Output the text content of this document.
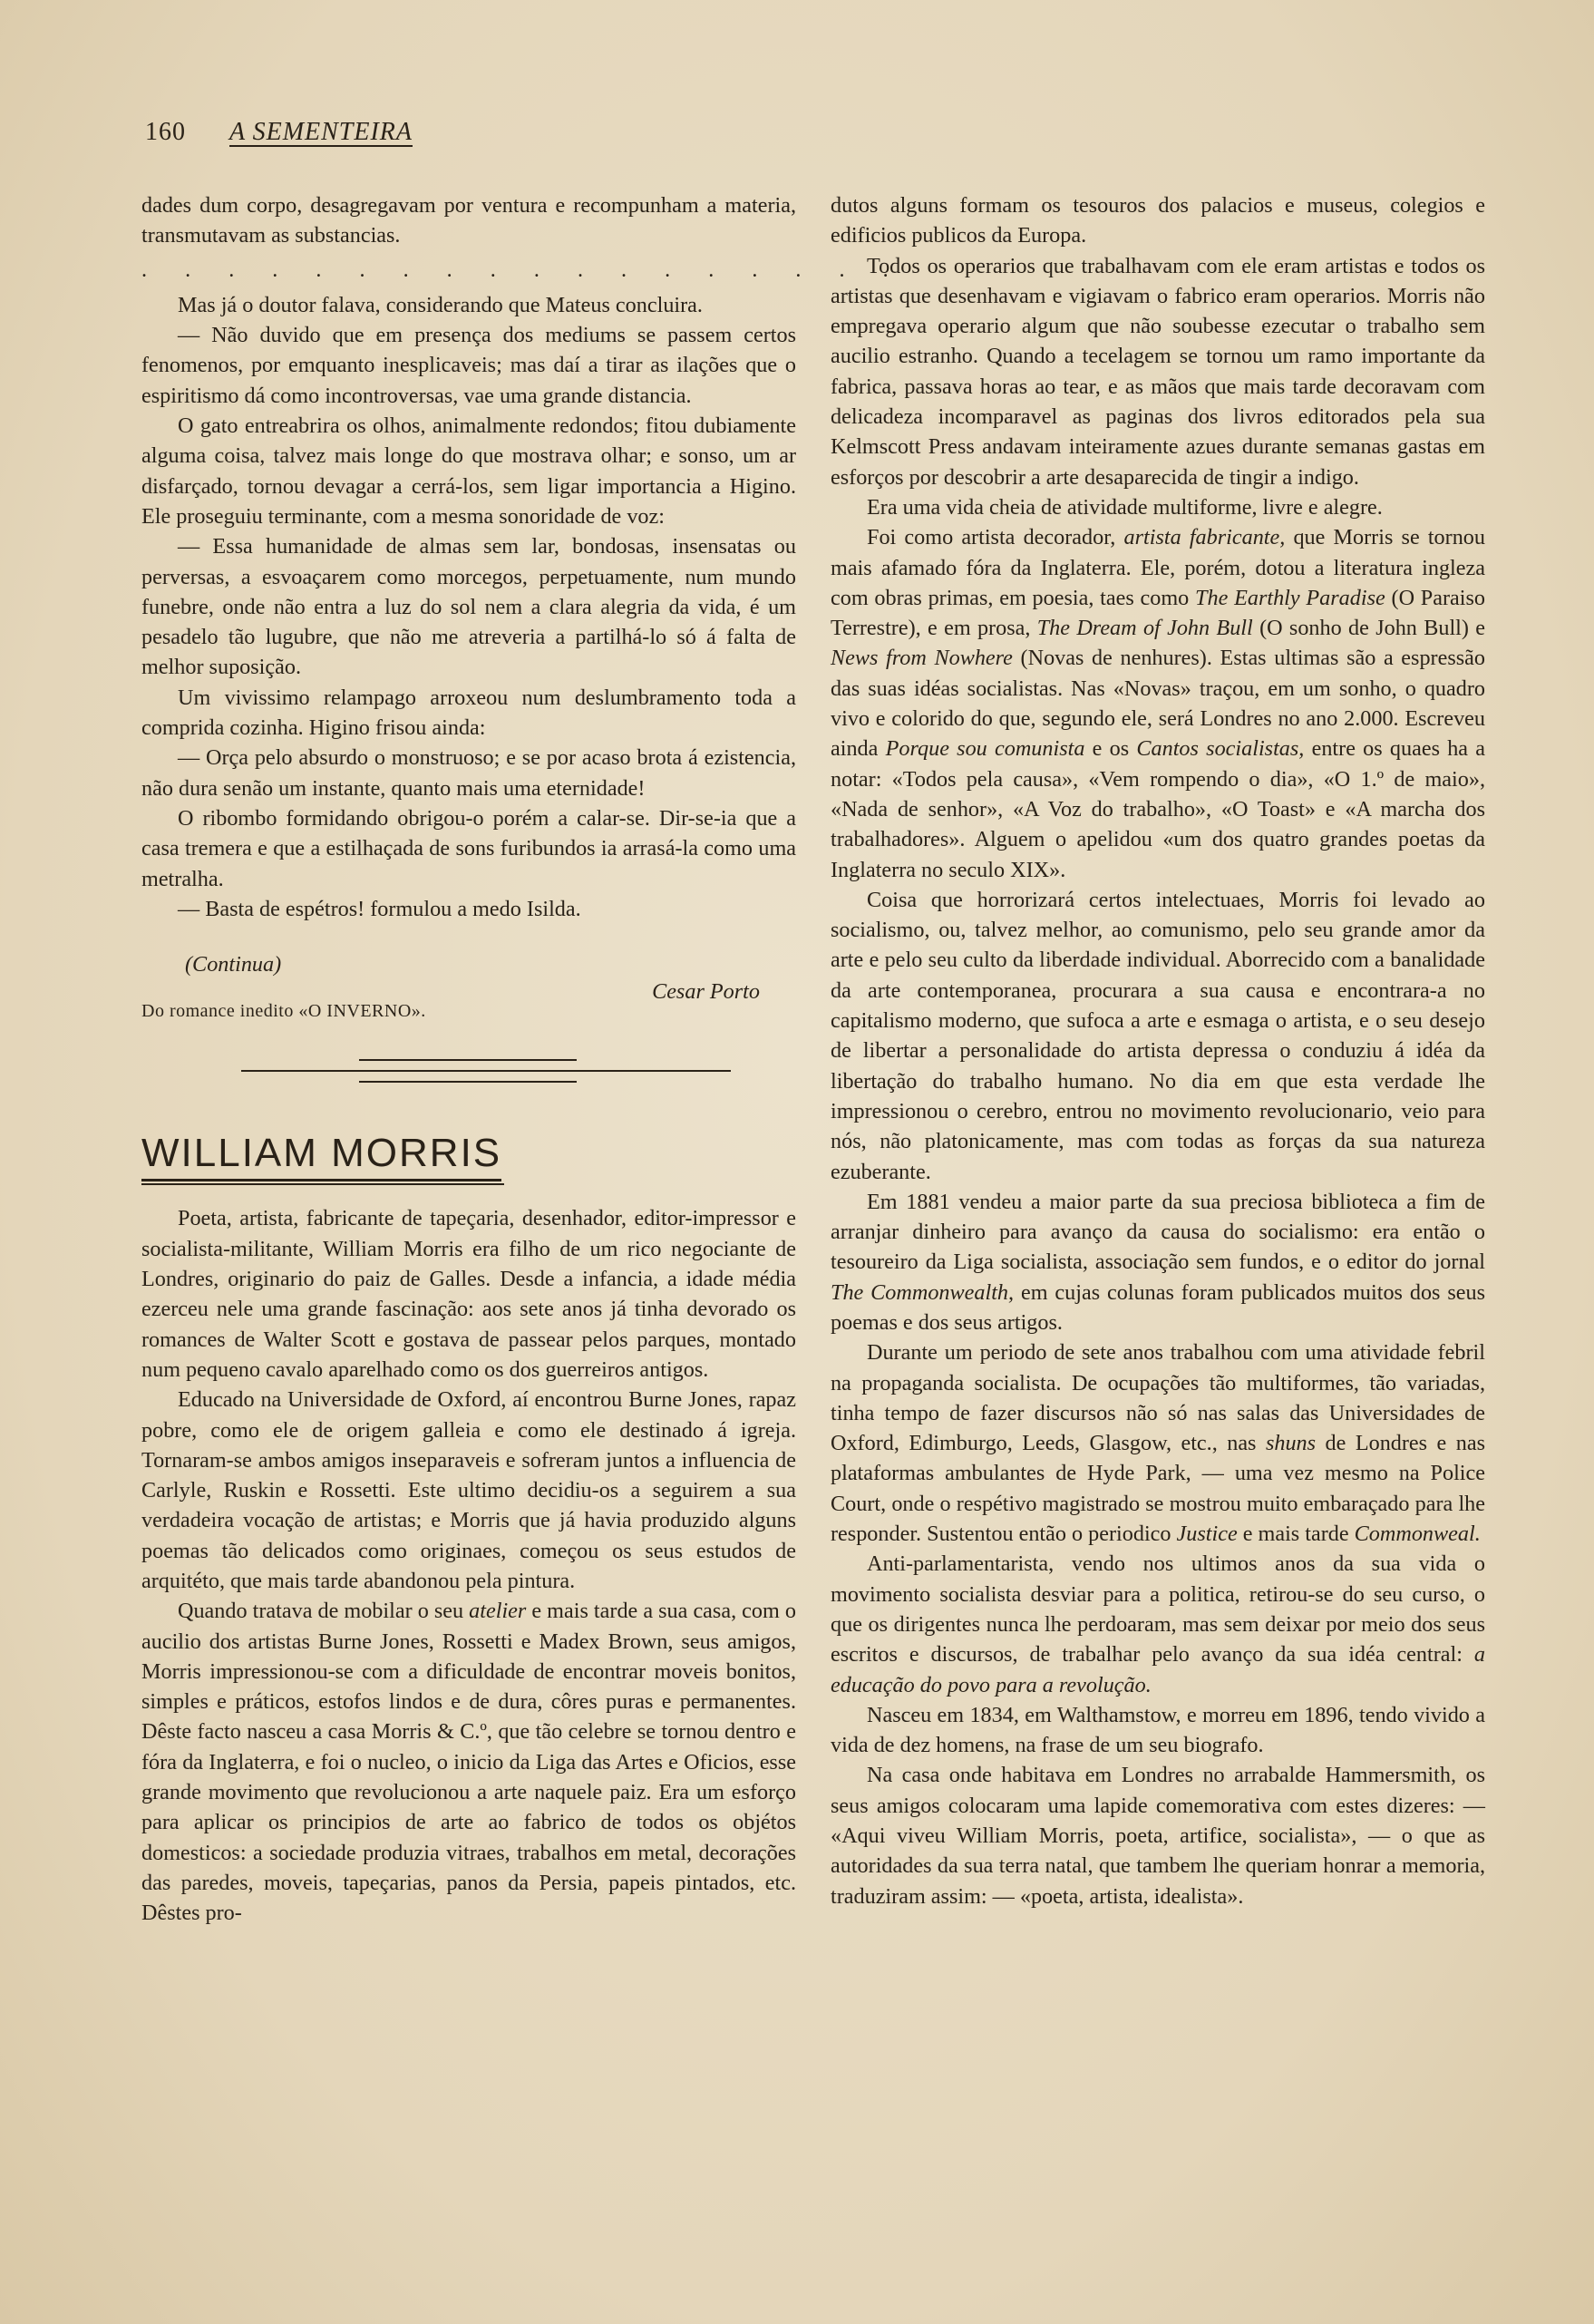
160 A SEMENTEIRA

dades dum corpo, desagregavam por ventura e recompunham a materia, transmutavam as substancias.

. . . . . . . . . . . . . . . . . .

Mas já o doutor falava, considerando que Mateus concluira.

— Não duvido que em presença dos mediums se passem certos fenomenos, por emquanto inesplicaveis; mas daí a tirar as ilações que o espiritismo dá como incontroversas, vae uma grande distancia.

O gato entreabrira os olhos, animalmente redondos; fitou dubiamente alguma coisa, talvez mais longe do que mostrava olhar; e sonso, um ar disfarçado, tornou devagar a cerrá-los, sem ligar importancia a Higino. Ele proseguiu terminante, com a mesma sonoridade de voz:

— Essa humanidade de almas sem lar, bondosas, insensatas ou perversas, a esvoaçarem como morcegos, perpetuamente, num mundo funebre, onde não entra a luz do sol nem a clara alegria da vida, é um pesadelo tão lugubre, que não me atreveria a partilhá-lo só á falta de melhor suposição.

Um vivissimo relampago arroxeou num deslumbramento toda a comprida cozinha. Higino frisou ainda:

— Orça pelo absurdo o monstruoso; e se por acaso brota á ezistencia, não dura senão um instante, quanto mais uma eternidade!

O ribombo formidando obrigou-o porém a calar-se. Dir-se-ia que a casa tremera e que a estilhaçada de sons furibundos ia arrasá-la como uma metralha.

— Basta de espétros! formulou a medo Isilda.

(Continua)
Cesar Porto
Do romance inedito «O INVERNO».
WILLIAM MORRIS

Poeta, artista, fabricante de tapeçaria, desenhador, editor-impressor e socialista-militante, William Morris era filho de um rico negociante de Londres, originario do paiz de Galles. Desde a infancia, a idade média ezerceu nele uma grande fascinação: aos sete anos já tinha devorado os romances de Walter Scott e gostava de passear pelos parques, montado num pequeno cavalo aparelhado como os dos guerreiros antigos.

Educado na Universidade de Oxford, aí encontrou Burne Jones, rapaz pobre, como ele de origem galleia e como ele destinado á igreja. Tornaram-se ambos amigos inseparaveis e sofreram juntos a influencia de Carlyle, Ruskin e Rossetti. Este ultimo decidiu-os a seguirem a sua verdadeira vocação de artistas; e Morris que já havia produzido alguns poemas tão delicados como originaes, começou os seus estudos de arquitéto, que mais tarde abandonou pela pintura.

Quando tratava de mobilar o seu atelier e mais tarde a sua casa, com o aucilio dos artistas Burne Jones, Rossetti e Madex Brown, seus amigos, Morris impressionou-se com a dificuldade de encontrar moveis bonitos, simples e práticos, estofos lindos e de dura, côres puras e permanentes. Dêste facto nasceu a casa Morris & C.º, que tão celebre se tornou dentro e fóra da Inglaterra, e foi o nucleo, o inicio da Liga das Artes e Oficios, esse grande movimento que revolucionou a arte naquele paiz. Era um esforço para aplicar os principios de arte ao fabrico de todos os objétos domesticos: a sociedade produzia vitraes, trabalhos em metal, decorações das paredes, moveis, tapeçarias, panos da Persia, papeis pintados, etc. Dêstes pro-

dutos alguns formam os tesouros dos palacios e museus, colegios e edificios publicos da Europa.

Todos os operarios que trabalhavam com ele eram artistas e todos os artistas que desenhavam e vigiavam o fabrico eram operarios. Morris não empregava operario algum que não soubesse ezecutar o trabalho sem aucilio estranho. Quando a tecelagem se tornou um ramo importante da fabrica, passava horas ao tear, e as mãos que mais tarde decoravam com delicadeza incomparavel as paginas dos livros editorados pela sua Kelmscott Press andavam inteiramente azues durante semanas gastas em esforços por descobrir a arte desaparecida de tingir a indigo.

Era uma vida cheia de atividade multiforme, livre e alegre.

Foi como artista decorador, artista fabricante, que Morris se tornou mais afamado fóra da Inglaterra. Ele, porém, dotou a literatura ingleza com obras primas, em poesia, taes como The Earthly Paradise (O Paraiso Terrestre), e em prosa, The Dream of John Bull (O sonho de John Bull) e News from Nowhere (Novas de nenhures). Estas ultimas são a espressão das suas idéas socialistas. Nas «Novas» traçou, em um sonho, o quadro vivo e colorido do que, segundo ele, será Londres no ano 2.000. Escreveu ainda Porque sou comunista e os Cantos socialistas, entre os quaes ha a notar: «Todos pela causa», «Vem rompendo o dia», «O 1.º de maio», «Nada de senhor», «A Voz do trabalho», «O Toast» e «A marcha dos trabalhadores». Alguem o apelidou «um dos quatro grandes poetas da Inglaterra no seculo XIX».

Coisa que horrorizará certos intelectuaes, Morris foi levado ao socialismo, ou, talvez melhor, ao comunismo, pelo seu grande amor da arte e pelo seu culto da liberdade individual. Aborrecido com a banalidade da arte contemporanea, procurara a sua causa e encontrara-a no capitalismo moderno, que sufoca a arte e esmaga o artista, e o seu desejo de libertar a personalidade do artista depressa o conduziu á idéa da libertação do trabalho humano. No dia em que esta verdade lhe impressionou o cerebro, entrou no movimento revolucionario, veio para nós, não platonicamente, mas com todas as forças da sua natureza ezuberante.

Em 1881 vendeu a maior parte da sua preciosa biblioteca a fim de arranjar dinheiro para avanço da causa do socialismo: era então o tesoureiro da Liga socialista, associação sem fundos, e o editor do jornal The Commonwealth, em cujas colunas foram publicados muitos dos seus poemas e dos seus artigos.

Durante um periodo de sete anos trabalhou com uma atividade febril na propaganda socialista. De ocupações tão multiformes, tão variadas, tinha tempo de fazer discursos não só nas salas das Universidades de Oxford, Edimburgo, Leeds, Glasgow, etc., nas shuns de Londres e nas plataformas ambulantes de Hyde Park, — uma vez mesmo na Police Court, onde o respétivo magistrado se mostrou muito embaraçado para lhe responder. Sustentou então o periodico Justice e mais tarde Commonweal.

Anti-parlamentarista, vendo nos ultimos anos da sua vida o movimento socialista desviar para a politica, retirou-se do seu curso, o que os dirigentes nunca lhe perdoaram, mas sem deixar por meio dos seus escritos e discursos, de trabalhar pelo avanço da sua idéa central: a educação do povo para a revolução.

Nasceu em 1834, em Walthamstow, e morreu em 1896, tendo vivido a vida de dez homens, na frase de um seu biografo.

Na casa onde habitava em Londres no arrabalde Hammersmith, os seus amigos colocaram uma lapide comemorativa com estes dizeres: — «Aqui viveu William Morris, poeta, artifice, socialista», — o que as autoridades da sua terra natal, que tambem lhe queriam honrar a memoria, traduziram assim: — «poeta, artista, idealista».
